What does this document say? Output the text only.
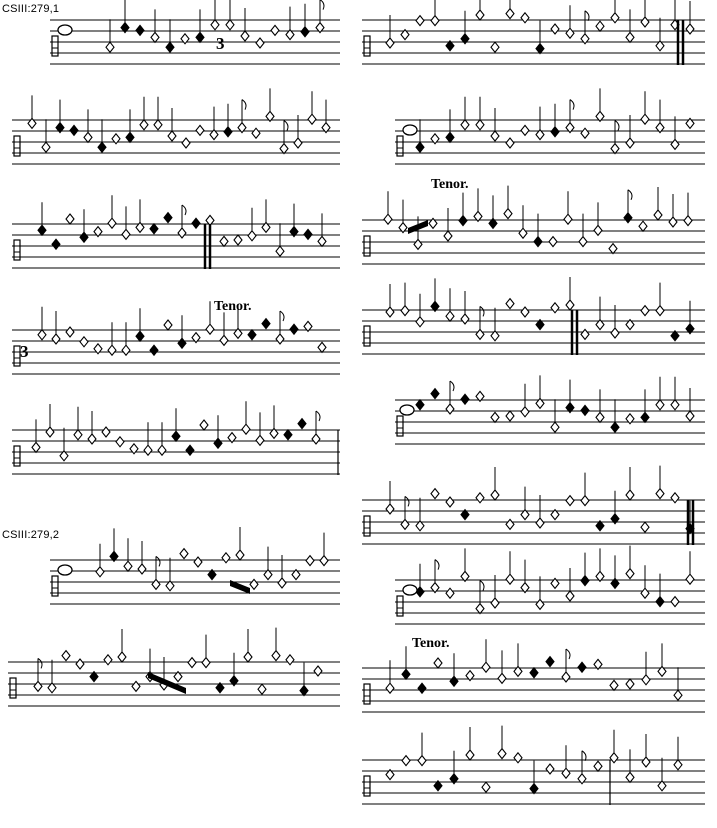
CSIII:279,1
CSIII:279,2
Tenor.
Tenor.
Tenor.
3
3
